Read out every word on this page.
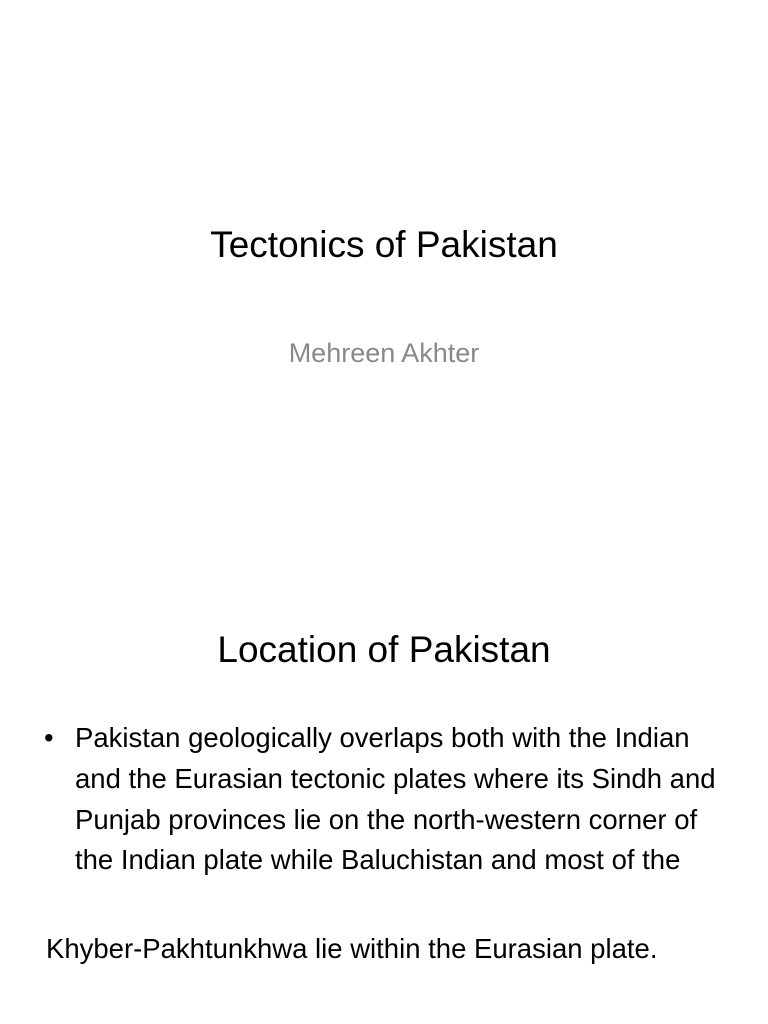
Tectonics of Pakistan
Mehreen Akhter
Location of Pakistan
• Pakistan geologically overlaps both with the Indian and the Eurasian tectonic plates where its Sindh and Punjab provinces lie on the north-western corner of the Indian plate while Baluchistan and most of the
Khyber-Pakhtunkhwa lie within the Eurasian plate.
